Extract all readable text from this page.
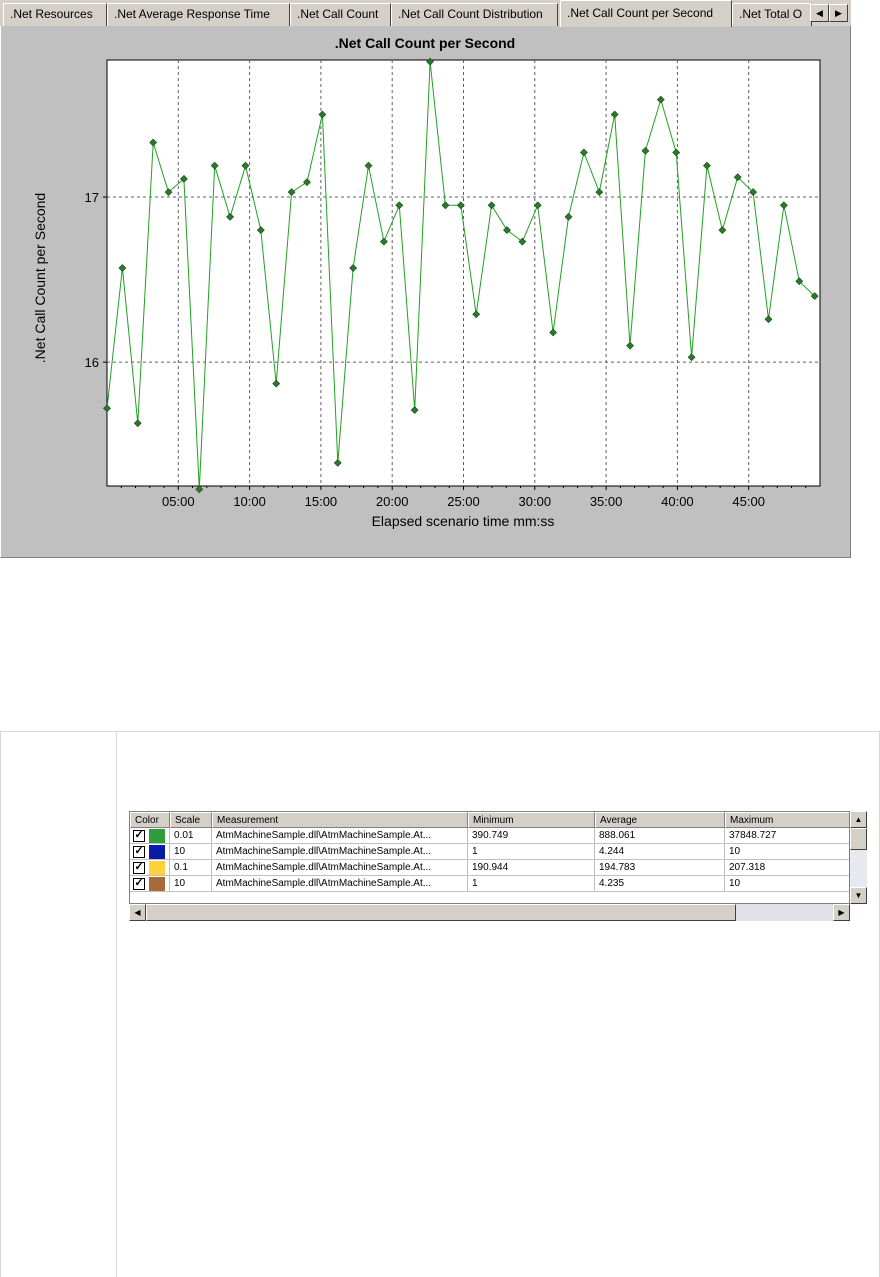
.Net Resources	.Net Average Response Time	.Net Call Count	.Net Call Count Distribution	.Net Call Count per Second	.Net Total O	◀	▶
.Net Call Count per Second
05:00	10:00	15:00	20:00	25:00	30:00	35:00	40:00	45:00
16
17
Elapsed scenario time mm:ss
.Net Call Count per Second
Color	Scale	Measurement	Minimum	Average	Maximum
✓	0.01	AtmMachineSample.dll\AtmMachineSample.At...	390.749	888.061	37848.727
✓	10	AtmMachineSample.dll\AtmMachineSample.At...	1	4.244	10
✓	0.1	AtmMachineSample.dll\AtmMachineSample.At...	190.944	194.783	207.318
✓	10	AtmMachineSample.dll\AtmMachineSample.At...	1	4.235	10
▲
▼
◀	▶
